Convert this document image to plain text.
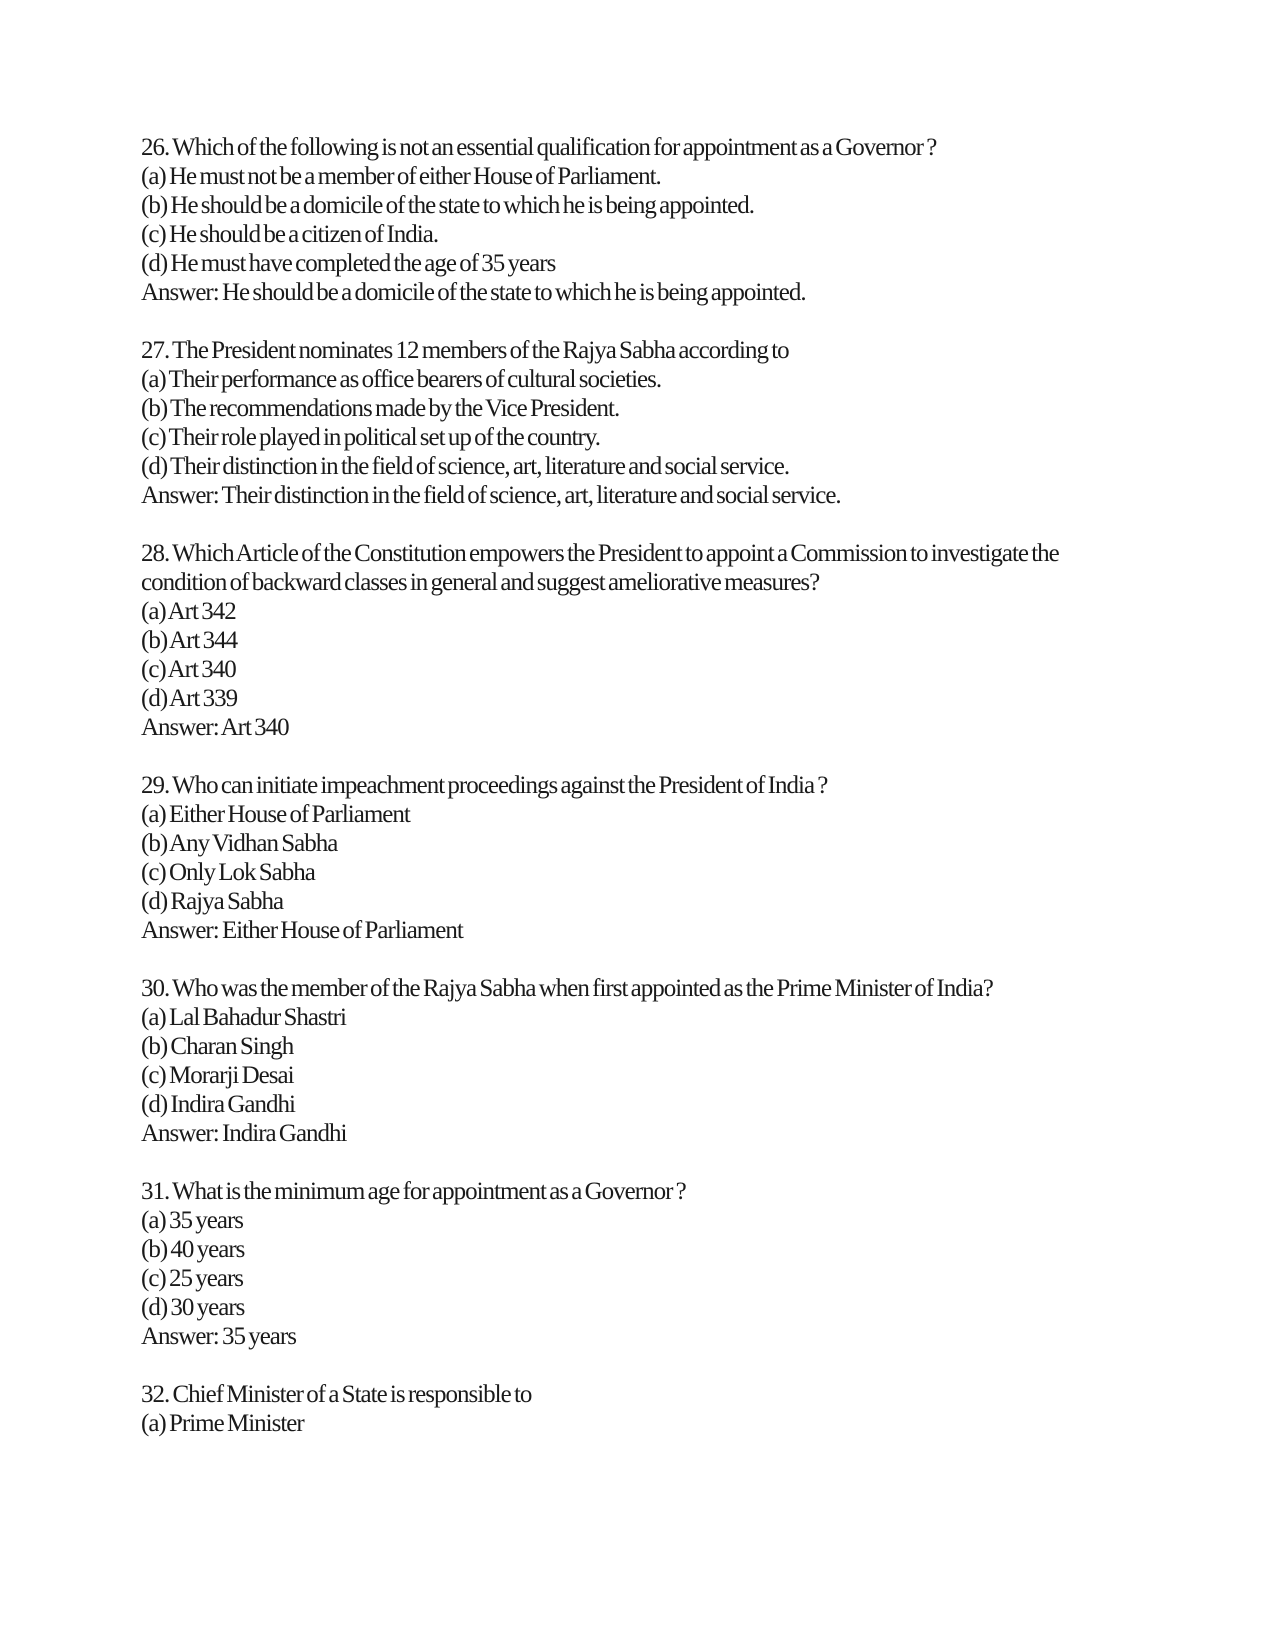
26. Which of the following is not an essential qualification for appointment as a Governor ?

(a) He must not be a member of either House of Parliament.

(b) He should be a domicile of the state to which he is being appointed.

(c) He should be a citizen of India.

(d) He must have completed the age of 35 years

Answer: He should be a domicile of the state to which he is being appointed.

27. The President nominates 12 members of the Rajya Sabha according to

(a) Their performance as office bearers of cultural societies.

(b) The recommendations made by the Vice President.

(c) Their role played in political set up of the country.

(d) Their distinction in the field of science, art, literature and social service.

Answer: Their distinction in the field of science, art, literature and social service.

28. Which Article of the Constitution empowers the President to appoint a Commission to investigate the condition of backward classes in general and suggest ameliorative measures?

(a) Art 342

(b) Art 344

(c) Art 340

(d) Art 339

Answer: Art 340

29. Who can initiate impeachment proceedings against the President of India ?

(a) Either House of Parliament

(b) Any Vidhan Sabha

(c) Only Lok Sabha

(d) Rajya Sabha

Answer: Either House of Parliament

30. Who was the member of the Rajya Sabha when first appointed as the Prime Minister of India?

(a) Lal Bahadur Shastri

(b) Charan Singh

(c) Morarji Desai

(d) Indira Gandhi

Answer: Indira Gandhi

31. What is the minimum age for appointment as a Governor ?

(a) 35 years

(b) 40 years

(c) 25 years

(d) 30 years

Answer: 35 years

32. Chief Minister of a State is responsible to

(a) Prime Minister
